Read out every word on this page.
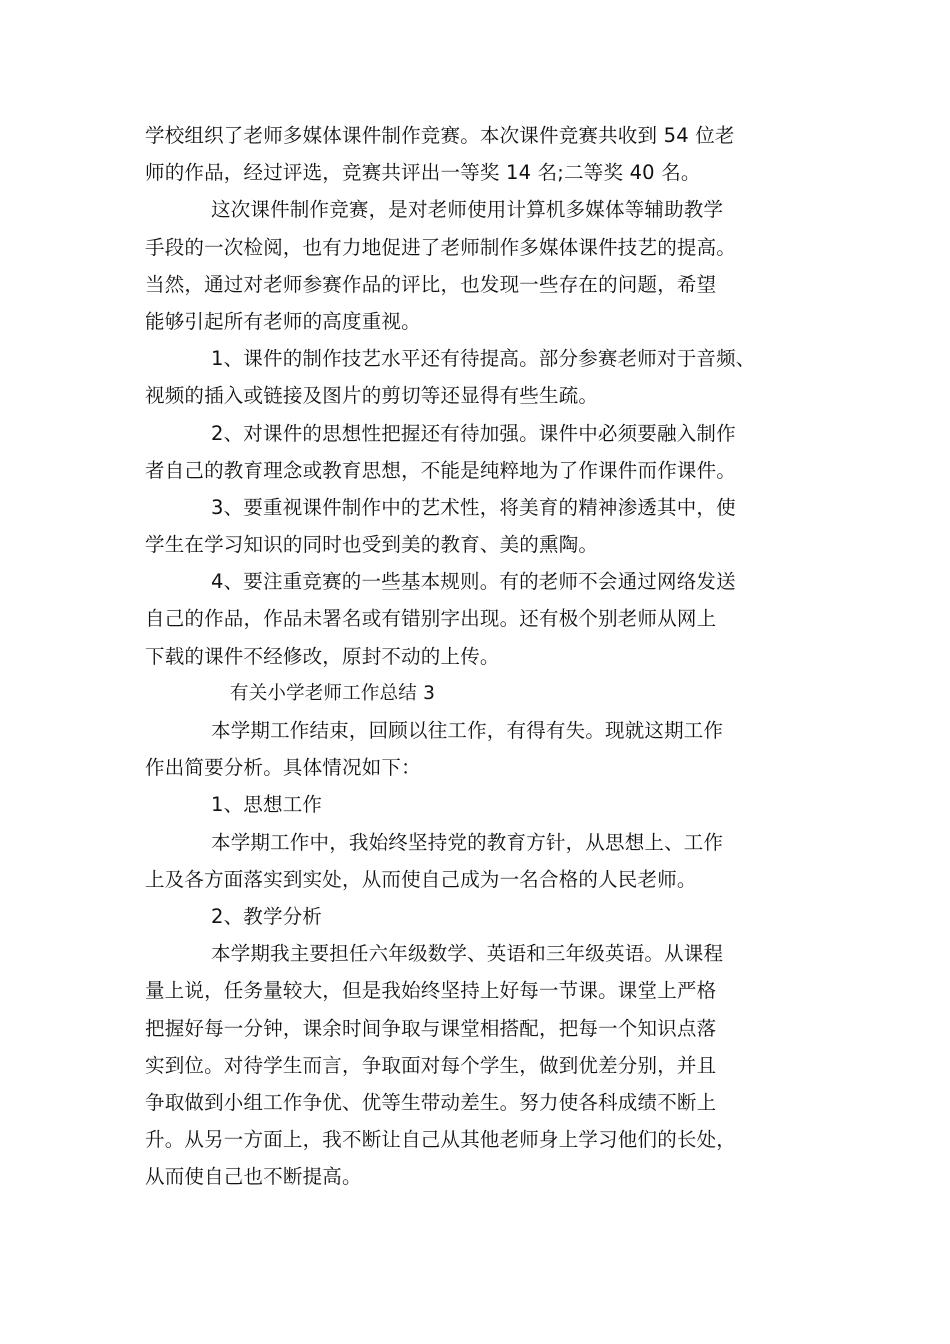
学校组织了老师多媒体课件制作竞赛。本次课件竞赛共收到 54 位老
师的作品，经过评选，竞赛共评出一等奖 14 名;二等奖 40 名。
这次课件制作竞赛，是对老师使用计算机多媒体等辅助教学
手段的一次检阅，也有力地促进了老师制作多媒体课件技艺的提高。
当然，通过对老师参赛作品的评比，也发现一些存在的问题，希望
能够引起所有老师的高度重视。
1、课件的制作技艺水平还有待提高。部分参赛老师对于音频、
视频的插入或链接及图片的剪切等还显得有些生疏。
2、对课件的思想性把握还有待加强。课件中必须要融入制作
者自己的教育理念或教育思想，不能是纯粹地为了作课件而作课件。
3、要重视课件制作中的艺术性，将美育的精神渗透其中，使
学生在学习知识的同时也受到美的教育、美的熏陶。
4、要注重竞赛的一些基本规则。有的老师不会通过网络发送
自己的作品，作品未署名或有错别字出现。还有极个别老师从网上
下载的课件不经修改，原封不动的上传。
有关小学老师工作总结 3
本学期工作结束，回顾以往工作，有得有失。现就这期工作
作出简要分析。具体情况如下：
1、思想工作
本学期工作中，我始终坚持党的教育方针，从思想上、工作
上及各方面落实到实处，从而使自己成为一名合格的人民老师。
2、教学分析
本学期我主要担任六年级数学、英语和三年级英语。从课程
量上说，任务量较大，但是我始终坚持上好每一节课。课堂上严格
把握好每一分钟，课余时间争取与课堂相搭配，把每一个知识点落
实到位。对待学生而言，争取面对每个学生，做到优差分别，并且
争取做到小组工作争优、优等生带动差生。努力使各科成绩不断上
升。从另一方面上，我不断让自己从其他老师身上学习他们的长处，
从而使自己也不断提高。
